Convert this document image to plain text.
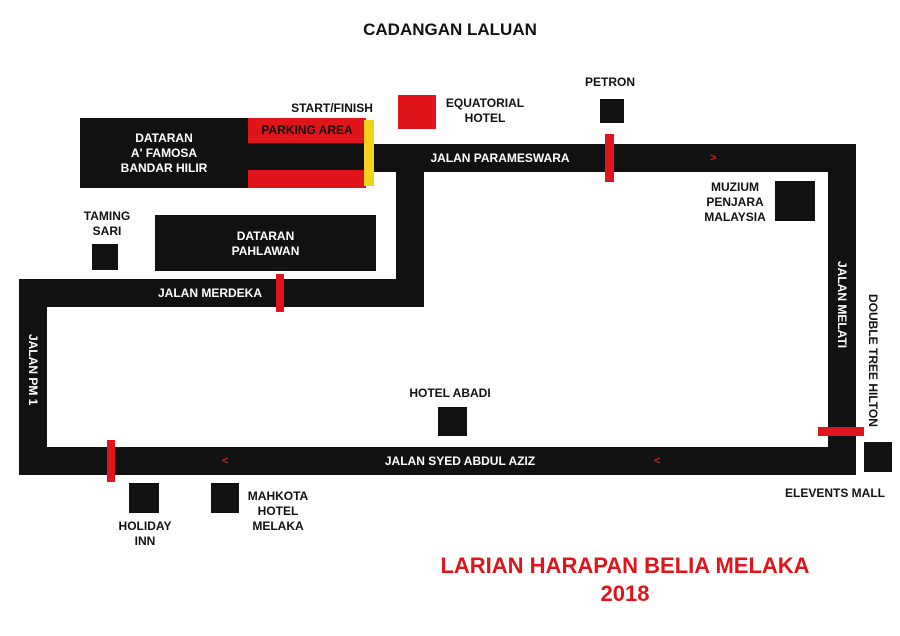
CADANGAN LALUAN
DATARAN
A' FAMOSA
BANDAR HILIR
PARKING AREA
START/FINISH	EQUATORIAL
HOTEL
JALAN PARAMESWARA	>
PETRON
MUZIUM
PENJARA
MALAYSIA
JALAN MELATI DOUBLE TREE HILTON
ELEVENTS MALL
TAMING
SARI	DATARAN
PAHLAWAN
JALAN MERDEKA
JALAN PM 1
JALAN SYED ABDUL AZIZ
<	<
HOTEL ABADI
HOLIDAY
INN
MAHKOTA
HOTEL
MELAKA
LARIAN HARAPAN BELIA MELAKA
2018
